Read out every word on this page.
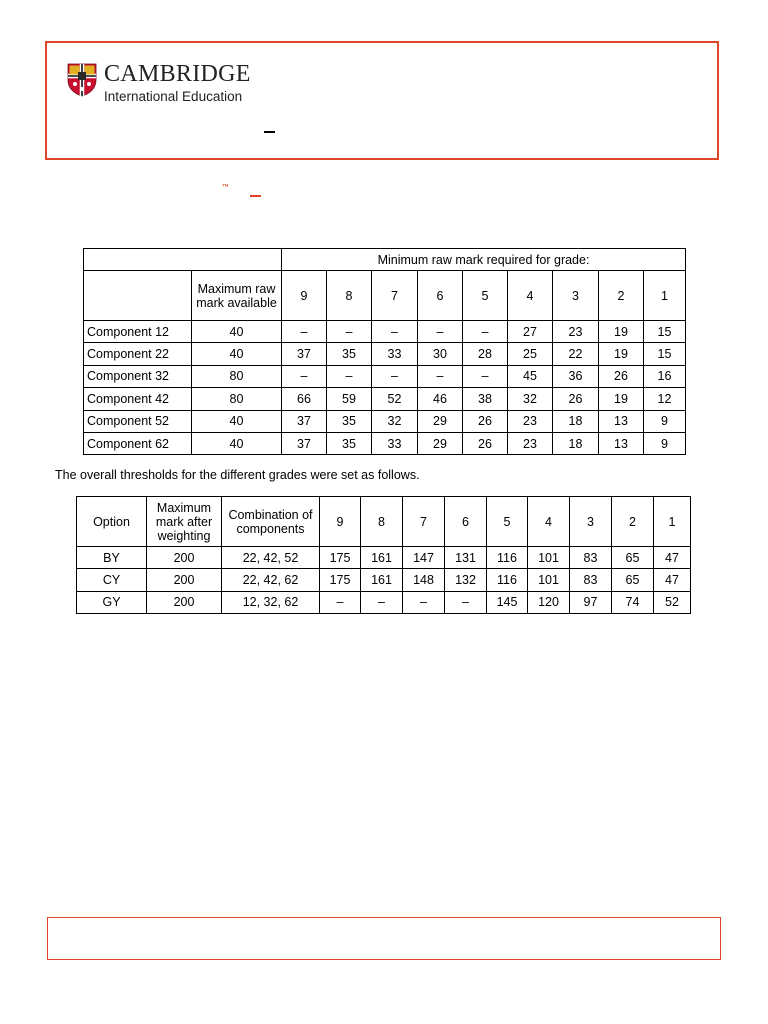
CAMBRIDGE
International Education
™
		Minimum raw mark required for grade:								
	Maximum raw mark available	9	8	7	6	5	4	3	2	1
Component 12	40	–	–	–	–	–	27	23	19	15
Component 22	40	37	35	33	30	28	25	22	19	15
Component 32	80	–	–	–	–	–	45	36	26	16
Component 42	80	66	59	52	46	38	32	26	19	12
Component 52	40	37	35	32	29	26	23	18	13	9
Component 62	40	37	35	33	29	26	23	18	13	9
The overall thresholds for the different grades were set as follows.
Option	Maximum mark after weighting	Combination of components	9	8	7	6	5	4	3	2	1
BY	200	22, 42, 52	175	161	147	131	116	101	83	65	47
CY	200	22, 42, 62	175	161	148	132	116	101	83	65	47
GY	200	12, 32, 62	–	–	–	–	145	120	97	74	52
